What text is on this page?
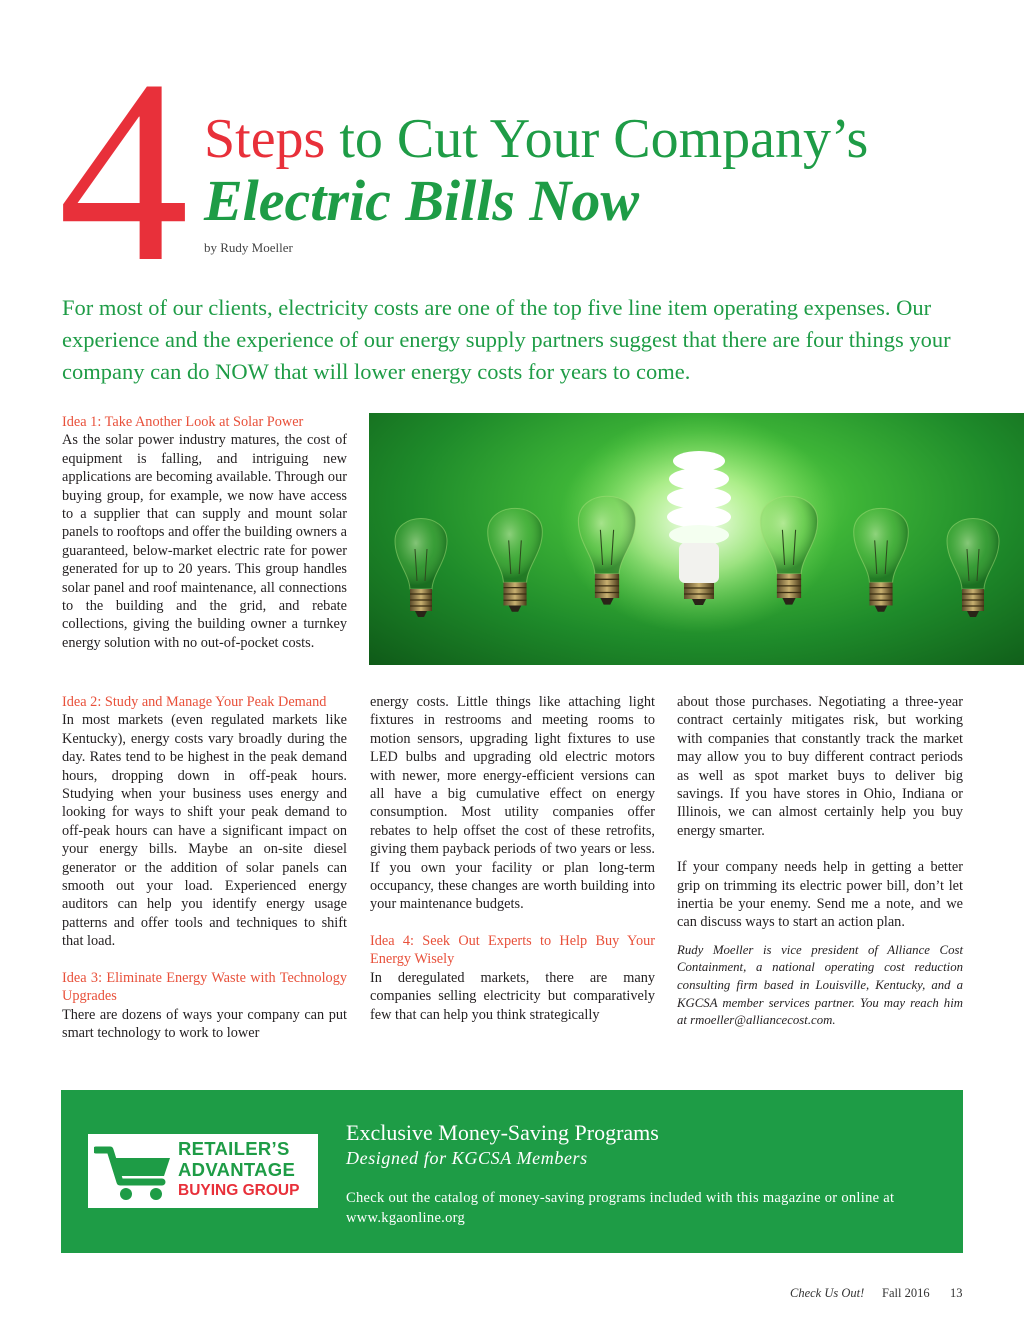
4 Steps to Cut Your Company’s
Electric Bills Now
by Rudy Moeller
For most of our clients, electricity costs are one of the top five line item operating expenses. Our experience and the experience of our energy supply partners suggest that there are four things your company can do NOW that will lower energy costs for years to come.

Idea 1: Take Another Look at Solar Power

As the solar power industry matures, the cost of equipment is falling, and intriguing new applications are becoming available. Through our buying group, for example, we now have access to a supplier that can supply and mount solar panels to rooftops and offer the building owners a guaranteed, below-market electric rate for power generated for up to 20 years. This group handles solar panel and roof maintenance, all connections to the building and the grid, and rebate collections, giving the building owner a turnkey energy solution with no out-of-pocket costs.

Idea 2: Study and Manage Your Peak Demand

In most markets (even regulated markets like Kentucky), energy costs vary broadly during the day. Rates tend to be highest in the peak demand hours, dropping down in off-peak hours. Studying when your business uses energy and looking for ways to shift your peak demand to off-peak hours can have a significant impact on your energy bills. Maybe an on-site diesel generator or the addition of solar panels can smooth out your load. Experienced energy auditors can help you identify energy usage patterns and offer tools and techniques to shift that load.

Idea 3: Eliminate Energy Waste with Technology Upgrades

There are dozens of ways your company can put smart technology to work to lower

energy costs. Little things like attaching light fixtures in restrooms and meeting rooms to motion sensors, upgrading light fixtures to use LED bulbs and upgrading old electric motors with newer, more energy-efficient versions can all have a big cumulative effect on energy consumption. Most utility companies offer rebates to help offset the cost of these retrofits, giving them payback periods of two years or less. If you own your facility or plan long-term occupancy, these changes are worth building into your maintenance budgets.

Idea 4: Seek Out Experts to Help Buy Your Energy Wisely

In deregulated markets, there are many companies selling electricity but comparatively few that can help you think strategically

about those purchases. Negotiating a three-year contract certainly mitigates risk, but working with companies that constantly track the market may allow you to buy different contract periods as well as spot market buys to deliver big savings. If you have stores in Ohio, Indiana or Illinois, we can almost certainly help you buy energy smarter.

If your company needs help in getting a better grip on trimming its electric power bill, don’t let inertia be your enemy. Send me a note, and we can discuss ways to start an action plan.

Rudy Moeller is vice president of Alliance Cost Containment, a national operating cost reduction consulting firm based in Louisville, Kentucky, and a KGCSA member services partner. You may reach him at rmoeller@alliancecost.com.

RETAILER’S
ADVANTAGE
BUYING GROUP
Exclusive Money-Saving Programs
Designed for KGCSA Members
Check out the catalog of money-saving programs included with this magazine or online at www.kgaonline.org
Check Us Out! Fall 2016 13
